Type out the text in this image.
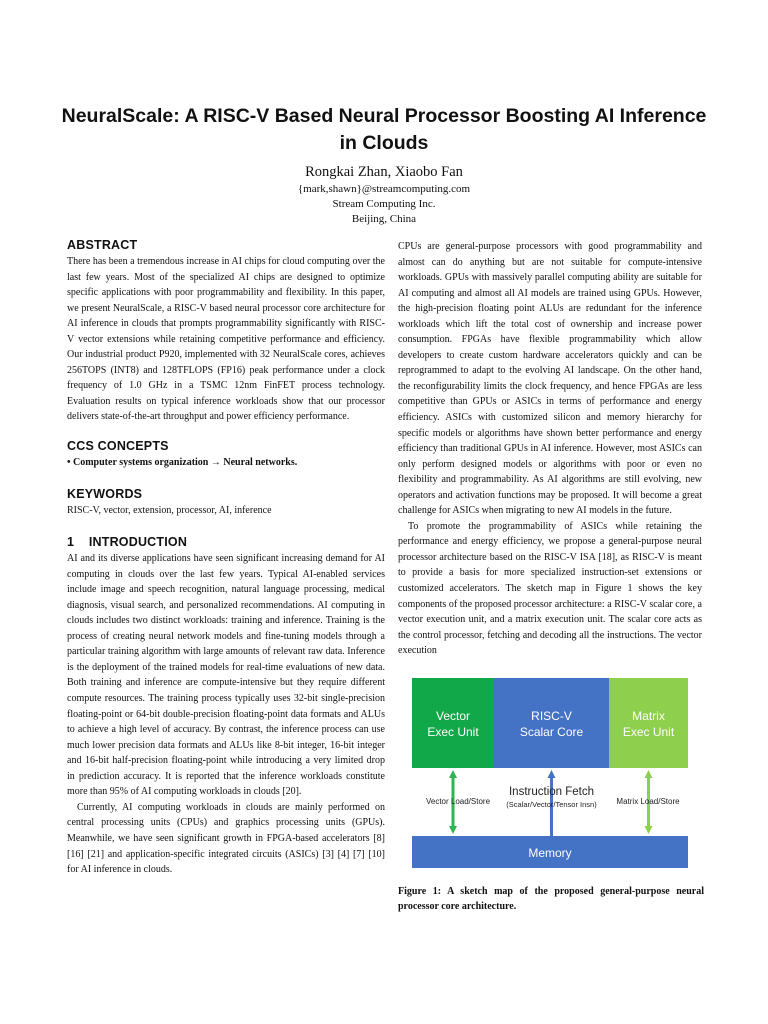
NeuralScale: A RISC-V Based Neural Processor Boosting AI Inference in Clouds
Rongkai Zhan, Xiaobo Fan
{mark,shawn}@streamcomputing.com
Stream Computing Inc.
Beijing, China
ABSTRACT

There has been a tremendous increase in AI chips for cloud computing over the last few years. Most of the specialized AI chips are designed to optimize specific applications with poor programmability and flexibility. In this paper, we present NeuralScale, a RISC-V based neural processor core architecture for AI inference in clouds that prompts programmability significantly with RISC-V vector extensions while retaining competitive performance and efficiency. Our industrial product P920, implemented with 32 NeuralScale cores, achieves 256TOPS (INT8) and 128TFLOPS (FP16) peak performance under a clock frequency of 1.0 GHz in a TSMC 12nm FinFET process technology. Evaluation results on typical inference workloads show that our processor delivers state-of-the-art throughput and power efficiency performance.

CCS CONCEPTS

• Computer systems organization → Neural networks.

KEYWORDS

RISC-V, vector, extension, processor, AI, inference

1    INTRODUCTION

AI and its diverse applications have seen significant increasing demand for AI computing in clouds over the last few years. Typical AI-enabled services include image and speech recognition, natural language processing, medical diagnosis, visual search, and personalized recommendations. AI computing in clouds includes two distinct workloads: training and inference. Training is the process of creating neural network models and fine-tuning models through a particular training algorithm with large amounts of relevant raw data. Inference is the deployment of the trained models for real-time evaluations of new data. Both training and inference are compute-intensive but they require different compute resources. The training process typically uses 32-bit single-precision floating-point or 64-bit double-precision floating-point data formats and ALUs to achieve a high level of accuracy. By contrast, the inference process can use much lower precision data formats and ALUs like 8-bit integer, 16-bit integer and 16-bit half-precision floating-point while introducing a very limited drop in prediction accuracy. It is reported that the inference workloads constitute more than 95% of AI computing workloads in clouds [20].

Currently, AI computing workloads in clouds are mainly performed on central processing units (CPUs) and graphics processing units (GPUs). Meanwhile, we have seen significant growth in FPGA-based accelerators [8] [16] [21] and application-specific integrated circuits (ASICs) [3] [4] [7] [10] for AI inference in clouds.

CPUs are general-purpose processors with good programmability and almost can do anything but are not suitable for compute-intensive workloads. GPUs with massively parallel computing ability are suitable for AI computing and almost all AI models are trained using GPUs. However, the high-precision floating point ALUs are redundant for the inference workloads which lift the total cost of ownership and increase power consumption. FPGAs have flexible programmability which allow developers to create custom hardware accelerators quickly and can be reprogrammed to adapt to the evolving AI landscape. On the other hand, the reconfigurability limits the clock frequency, and hence FPGAs are less competitive than GPUs or ASICs in terms of performance and energy efficiency. ASICs with customized silicon and memory hierarchy for specific models or algorithms have shown better performance and energy efficiency than traditional GPUs in AI inference. However, most ASICs can only perform designed models or algorithms with poor or even no flexibility and programmability. As AI algorithms are still evolving, new operators and activation functions may be proposed. It will become a great challenge for ASICs when migrating to new AI models in the future.

To promote the programmability of ASICs while retaining the performance and energy efficiency, we propose a general-purpose neural processor architecture based on the RISC-V ISA [18], as RISC-V is meant to provide a basis for more specialized instruction-set extensions or customized accelerators. The sketch map in Figure 1 shows the key components of the proposed processor architecture: a RISC-V scalar core, a vector execution unit, and a matrix execution unit. The scalar core acts as the control processor, fetching and decoding all the instructions. The vector execution

Vector
Exec Unit
RISC-V
Scalar Core
Matrix
Exec Unit
Vector Load/Store
Instruction Fetch
(Scalar/Vector/Tensor Insn) Matrix Load/Store
Memory
Figure 1: A sketch map of the proposed general-purpose neural processor core architecture.
